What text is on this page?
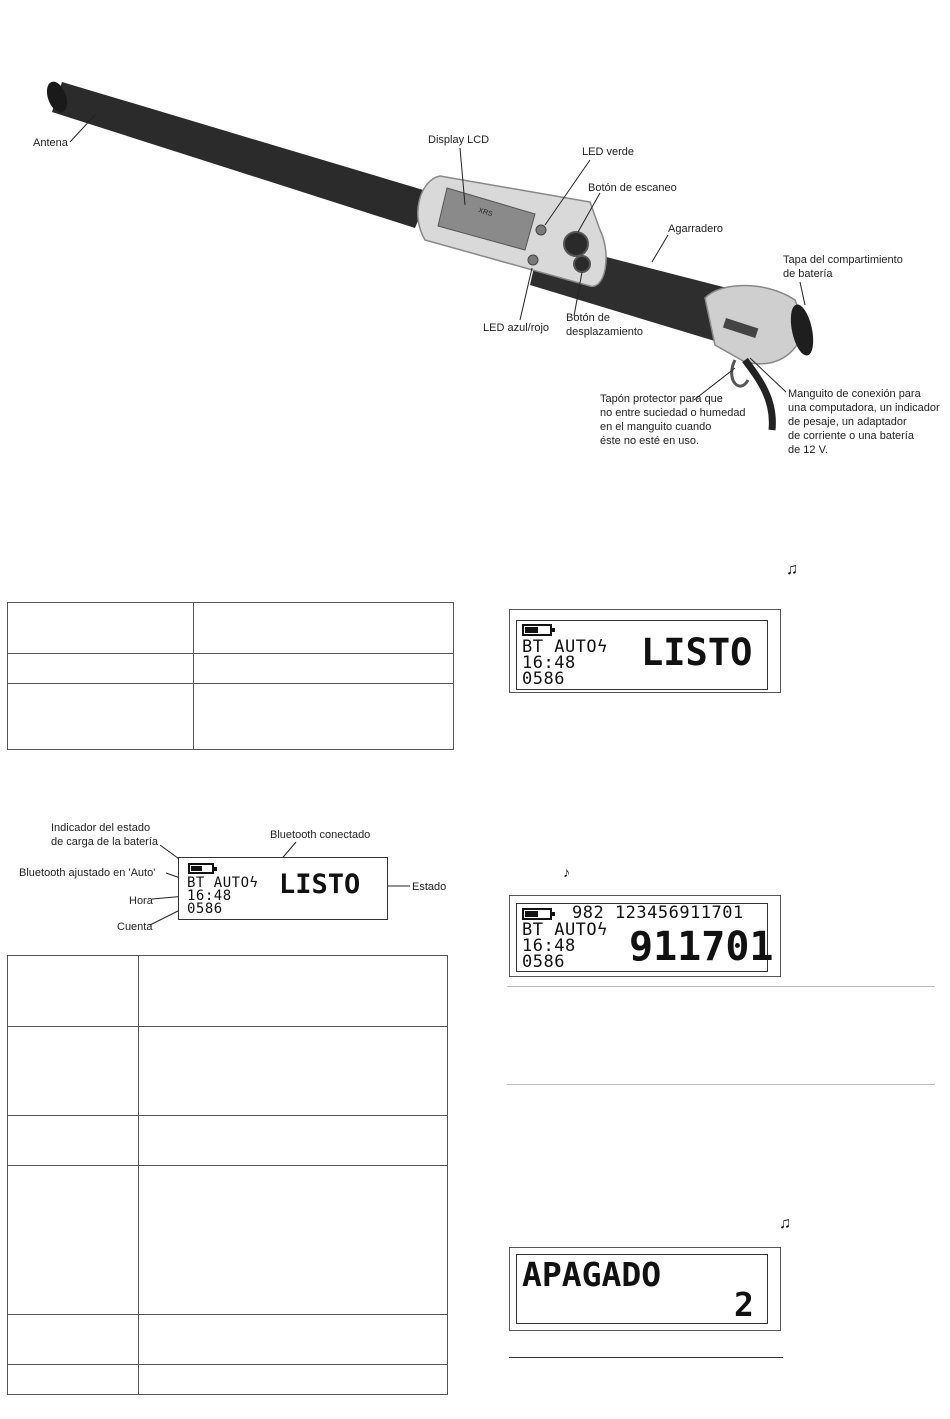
XRS
Antena	Display LCD
LED verde
Botón de escaneo
Agarradero
Tapa del compartimiento
de batería
LED azul/rojo
Botón de
desplazamiento
Tapón protector para que
no entre suciedad o humedad
en el manguito cuando
éste no esté en uso.
Manguito de conexión para
una computadora, un indicador
de pesaje, un adaptador
de corriente o una batería
de 12 V.
Indicador del estado
de carga de la batería
Bluetooth conectado
Bluetooth ajustado en 'Auto'
Hora
Cuenta
Estado
BT AUTOϟ
16:48
0586
LISTO
♫
BT AUTOϟ
16:48
0586
LISTO
♪
982 123456911701
BT AUTOϟ
16:48
0586 911701
♫
APAGADO
2
